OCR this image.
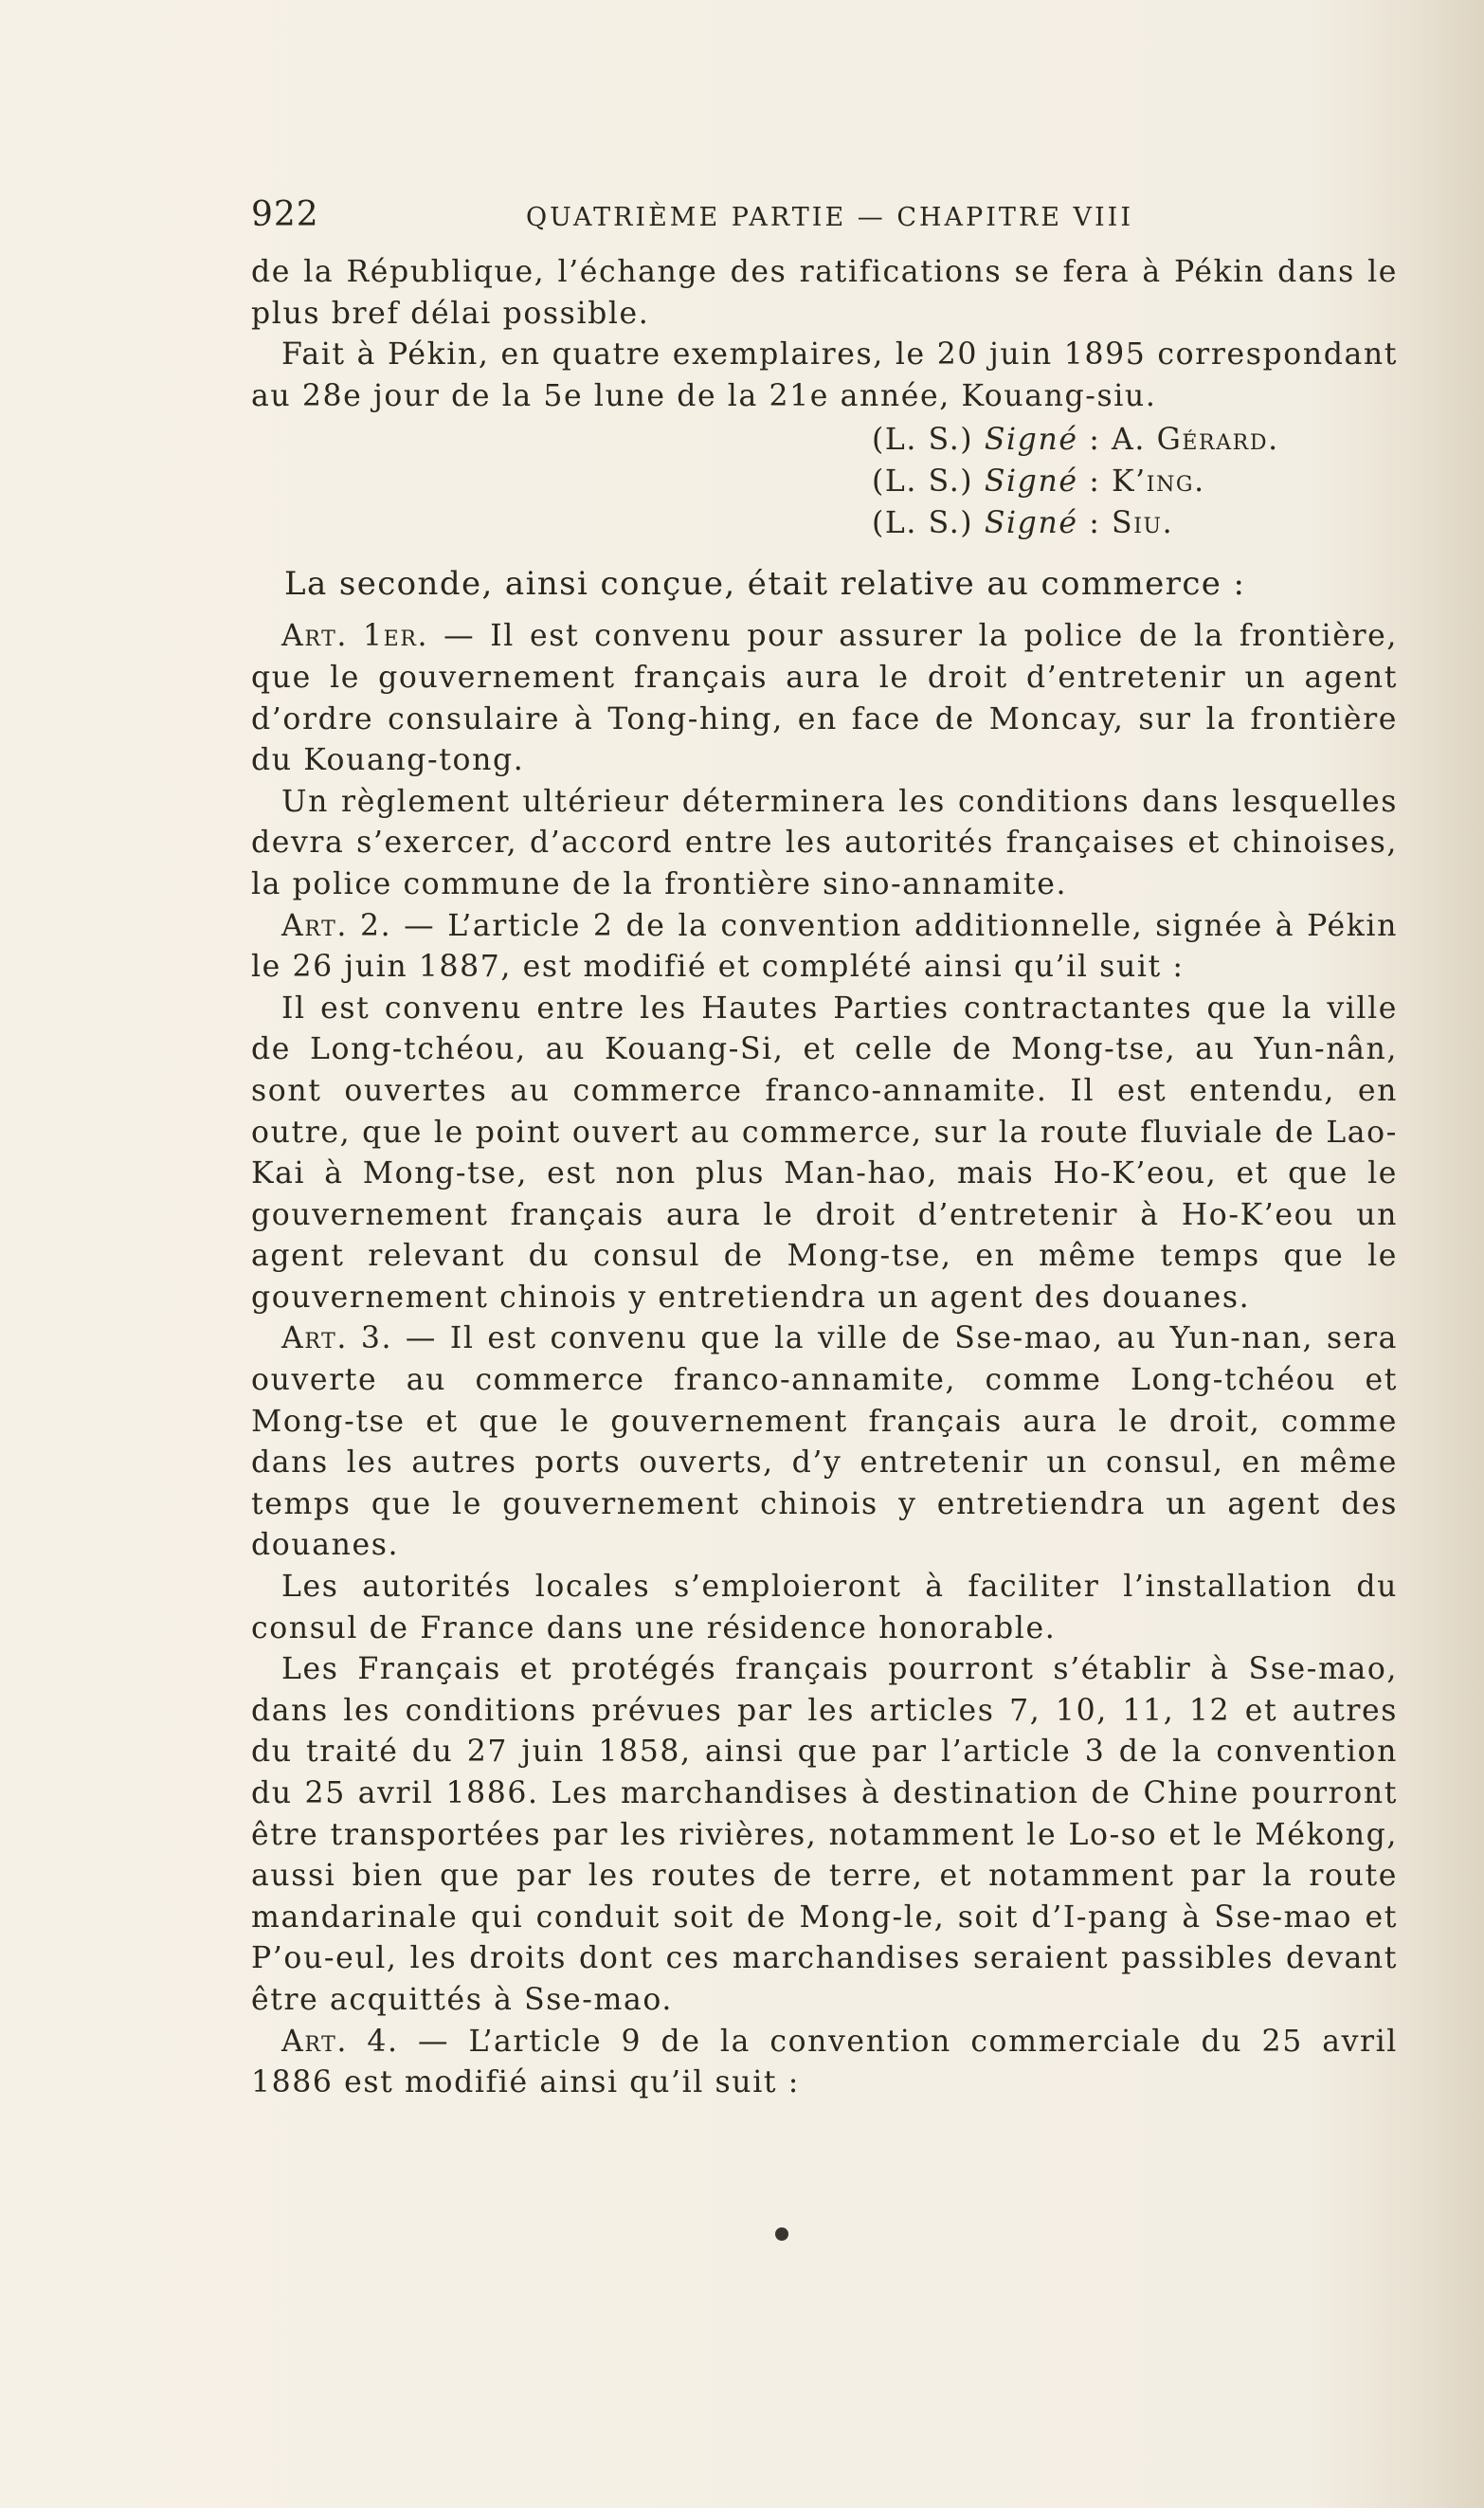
922	QUATRIÈME PARTIE — CHAPITRE VIII

de la République, l’échange des ratifications se fera à Pékin dans le plus bref délai possible.

Fait à Pékin, en quatre exemplaires, le 20 juin 1895 correspondant au 28e jour de la 5e lune de la 21e année, Kouang-siu.

(L. S.) Signé : A. Gérard.
(L. S.) Signé : K’ing.
(L. S.) Signé : Siu.

La seconde, ainsi conçue, était relative au commerce :

Art. 1er. — Il est convenu pour assurer la police de la frontière, que le gouvernement français aura le droit d’entretenir un agent d’ordre consulaire à Tong-hing, en face de Moncay, sur la frontière du Kouang-tong.

Un règlement ultérieur déterminera les conditions dans lesquelles devra s’exercer, d’accord entre les autorités françaises et chinoises, la police commune de la frontière sino-annamite.

Art. 2. — L’article 2 de la convention additionnelle, signée à Pékin le 26 juin 1887, est modifié et complété ainsi qu’il suit :

Il est convenu entre les Hautes Parties contractantes que la ville de Long-tchéou, au Kouang-Si, et celle de Mong-tse, au Yun-nân, sont ouvertes au commerce franco-annamite. Il est entendu, en outre, que le point ouvert au commerce, sur la route fluviale de Lao-Kai à Mong-tse, est non plus Man-hao, mais Ho-K’eou, et que le gouvernement français aura le droit d’entretenir à Ho-K’eou un agent relevant du consul de Mong-tse, en même temps que le gouvernement chinois y entretiendra un agent des douanes.

Art. 3. — Il est convenu que la ville de Sse-mao, au Yun-nan, sera ouverte au commerce franco-annamite, comme Long-tchéou et Mong-tse et que le gouvernement français aura le droit, comme dans les autres ports ouverts, d’y entretenir un consul, en même temps que le gouvernement chinois y entretiendra un agent des douanes.

Les autorités locales s’emploieront à faciliter l’installation du consul de France dans une résidence honorable.

Les Français et protégés français pourront s’établir à Sse-mao, dans les conditions prévues par les articles 7, 10, 11, 12 et autres du traité du 27 juin 1858, ainsi que par l’article 3 de la convention du 25 avril 1886. Les marchandises à destination de Chine pourront être transportées par les rivières, notamment le Lo-so et le Mékong, aussi bien que par les routes de terre, et notamment par la route mandarinale qui conduit soit de Mong-le, soit d’I-pang à Sse-mao et P’ou-eul, les droits dont ces marchandises seraient passibles devant être acquittés à Sse-mao.

Art. 4. — L’article 9 de la convention commerciale du 25 avril 1886 est modifié ainsi qu’il suit :
